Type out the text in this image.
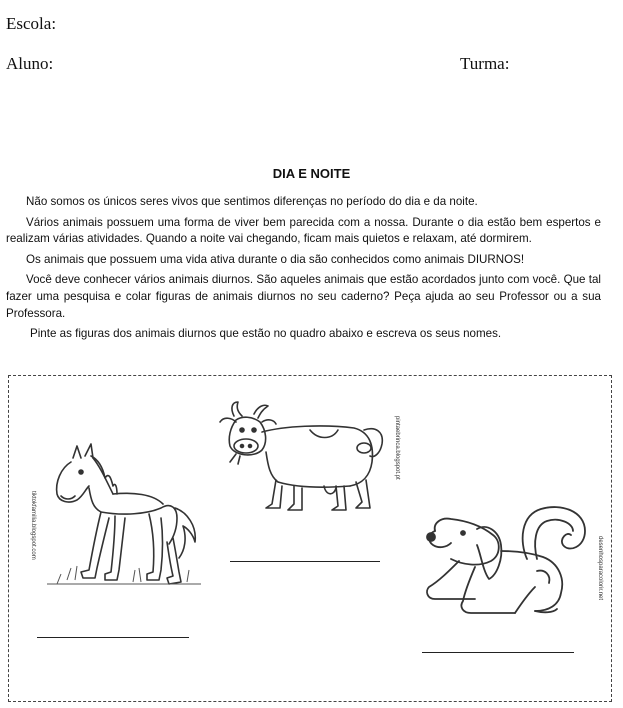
Escola:
Aluno:	Turma:
DIA E NOITE

Não somos os únicos seres vivos que sentimos diferenças no período do dia e da noite.

Vários animais possuem uma forma de viver bem parecida com a nossa. Durante o dia estão bem espertos e realizam várias atividades. Quando a noite vai chegando, ficam mais quietos e relaxam, até dormirem.

Os animais que possuem uma vida ativa durante o dia são conhecidos como animais DIURNOS!

Você deve conhecer vários animais diurnos. São aqueles animais que estão acordados junto com você. Que tal fazer uma pesquisa e colar figuras de animais diurnos no seu caderno? Peça ajuda ao seu Professor ou a sua Professora.

Pinte as figuras dos animais diurnos que estão no quadro abaixo e escreva os seus nomes.

tiktokfamilia.blogspot.com
pintaebrinca.blogspot.pt
desenhosparacolorir.net
